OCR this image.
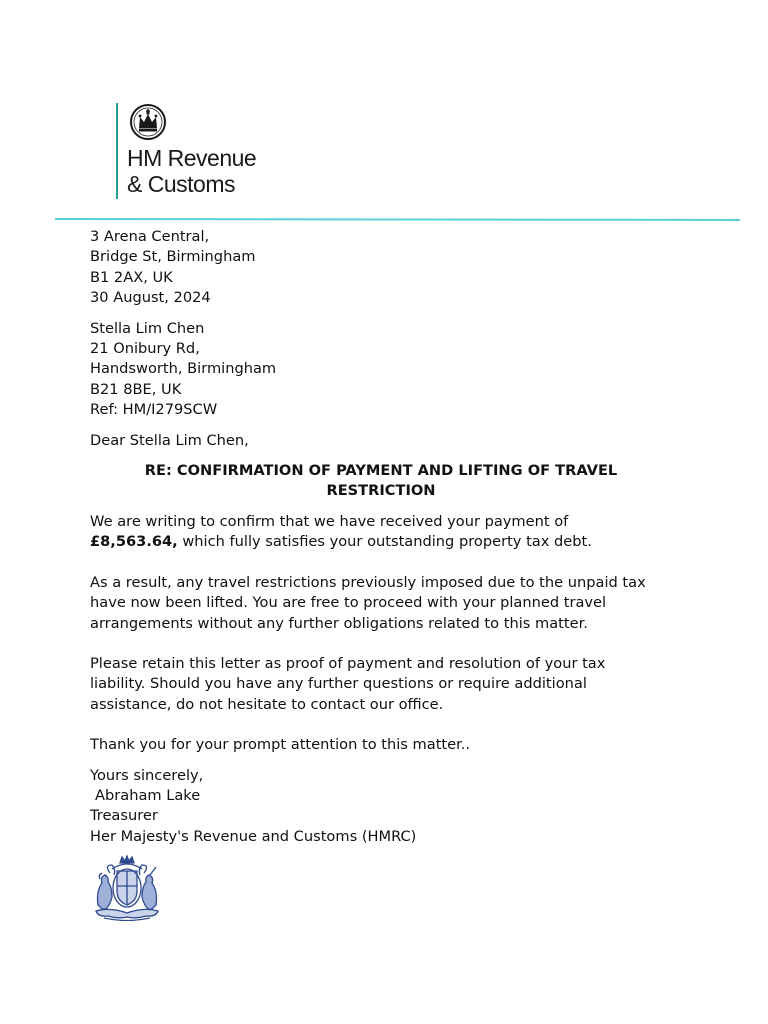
HM Revenue
& Customs

3 Arena Central,

Bridge St, Birmingham

B1 2AX, UK

30 August, 2024

Stella Lim Chen

21 Onibury Rd,

Handsworth, Birmingham

B21 8BE, UK

Ref: HM/I279SCW

Dear Stella Lim Chen,

RE: CONFIRMATION OF PAYMENT AND LIFTING OF TRAVEL

RESTRICTION

We are writing to confirm that we have received your payment of
£8,563.64, which fully satisfies your outstanding property tax debt.

As a result, any travel restrictions previously imposed due to the unpaid tax have now been lifted. You are free to proceed with your planned travel arrangements without any further obligations related to this matter.

Please retain this letter as proof of payment and resolution of your tax liability. Should you have any further questions or require additional assistance, do not hesitate to contact our office.

Thank you for your prompt attention to this matter..

Yours sincerely,

Abraham Lake

Treasurer

Her Majesty's Revenue and Customs (HMRC)
